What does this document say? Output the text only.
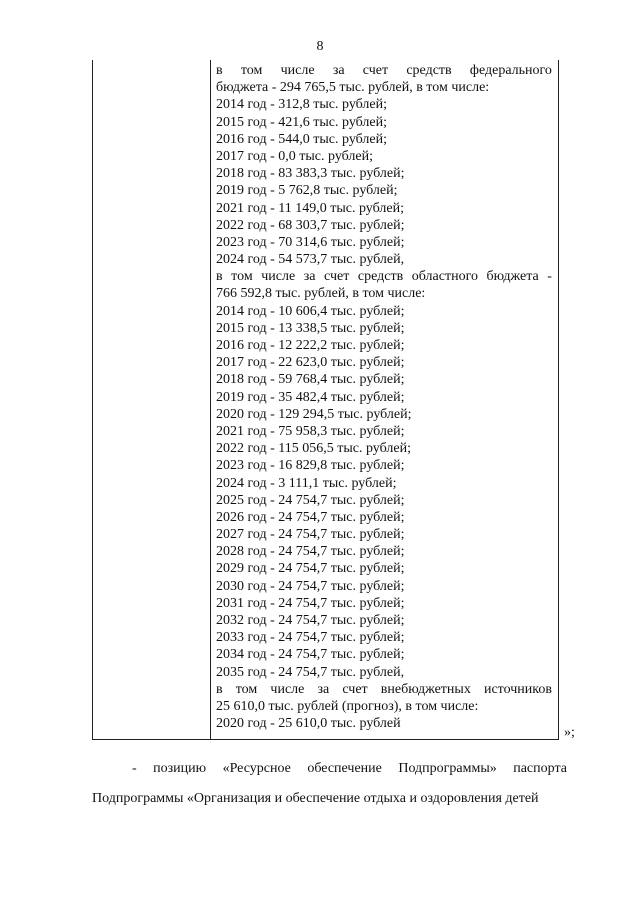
8
в том числе за счет средств федерального
бюджета - 294 765,5 тыс. рублей, в том числе:
2014 год - 312,8 тыс. рублей;
2015 год - 421,6 тыс. рублей;
2016 год - 544,0 тыс. рублей;
2017 год - 0,0 тыс. рублей;
2018 год - 83 383,3 тыс. рублей;
2019 год - 5 762,8 тыс. рублей;
2021 год - 11 149,0 тыс. рублей;
2022 год - 68 303,7 тыс. рублей;
2023 год - 70 314,6 тыс. рублей;
2024 год - 54 573,7 тыс. рублей,
в том числе за счет средств областного бюджета -
766 592,8 тыс. рублей, в том числе:
2014 год - 10 606,4 тыс. рублей;
2015 год - 13 338,5 тыс. рублей;
2016 год - 12 222,2 тыс. рублей;
2017 год - 22 623,0 тыс. рублей;
2018 год - 59 768,4 тыс. рублей;
2019 год - 35 482,4 тыс. рублей;
2020 год - 129 294,5 тыс. рублей;
2021 год - 75 958,3 тыс. рублей;
2022 год - 115 056,5 тыс. рублей;
2023 год - 16 829,8 тыс. рублей;
2024 год - 3 111,1 тыс. рублей;
2025 год - 24 754,7 тыс. рублей;
2026 год - 24 754,7 тыс. рублей;
2027 год - 24 754,7 тыс. рублей;
2028 год - 24 754,7 тыс. рублей;
2029 год - 24 754,7 тыс. рублей;
2030 год - 24 754,7 тыс. рублей;
2031 год - 24 754,7 тыс. рублей;
2032 год - 24 754,7 тыс. рублей;
2033 год - 24 754,7 тыс. рублей;
2034 год - 24 754,7 тыс. рублей;
2035 год - 24 754,7 тыс. рублей,
в том числе за счет внебюджетных источников
25 610,0 тыс. рублей (прогноз), в том числе:
2020 год - 25 610,0 тыс. рублей
»;
- позицию «Ресурсное обеспечение Подпрограммы» паспорта
Подпрограммы «Организация и обеспечение отдыха и оздоровления детей
